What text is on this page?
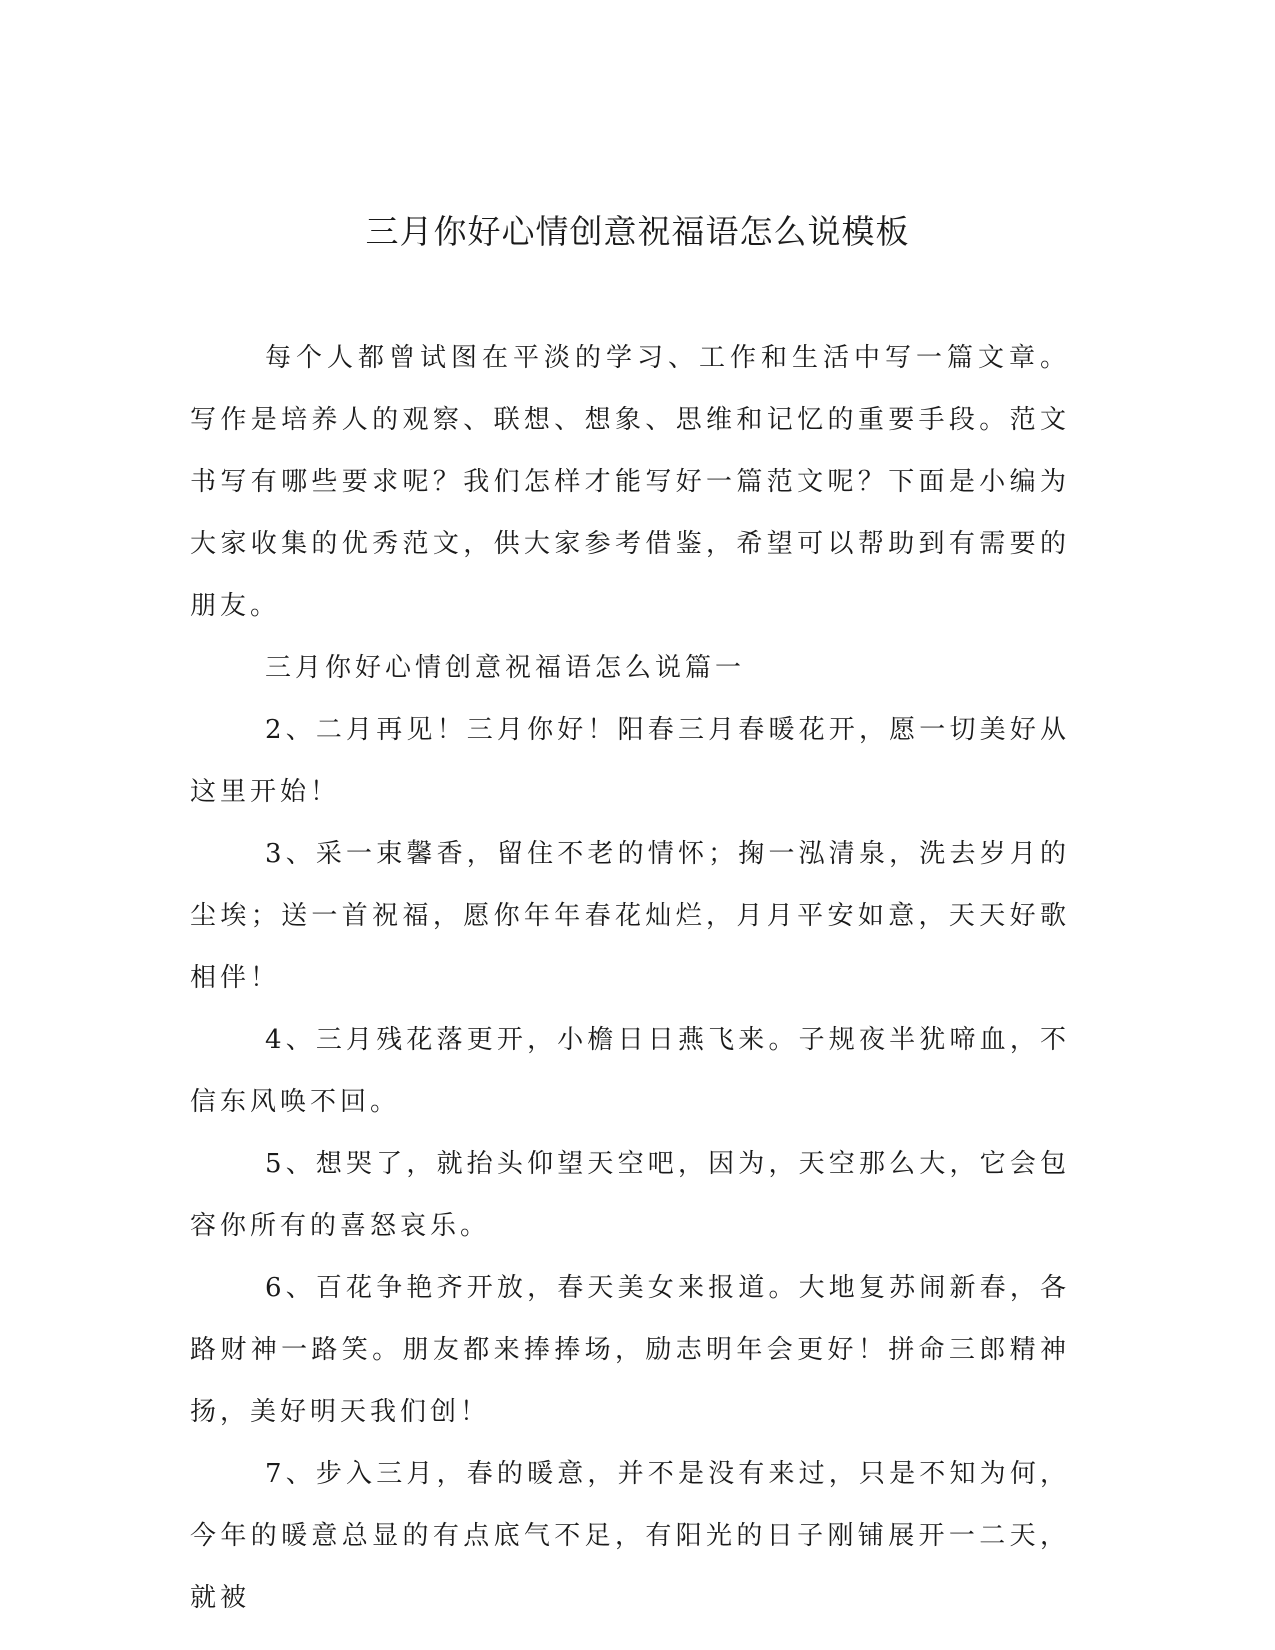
三月你好心情创意祝福语怎么说模板

每个人都曾试图在平淡的学习、工作和生活中写一篇文章。写作是培养人的观察、联想、想象、思维和记忆的重要手段。范文书写有哪些要求呢？我们怎样才能写好一篇范文呢？下面是小编为大家收集的优秀范文，供大家参考借鉴，希望可以帮助到有需要的朋友。

三月你好心情创意祝福语怎么说篇一

2、二月再见！三月你好！阳春三月春暖花开，愿一切美好从这里开始！

3、采一束馨香，留住不老的情怀；掬一泓清泉，洗去岁月的尘埃；送一首祝福，愿你年年春花灿烂，月月平安如意，天天好歌相伴！

4、三月残花落更开，小檐日日燕飞来。子规夜半犹啼血，不信东风唤不回。

5、想哭了，就抬头仰望天空吧，因为，天空那么大，它会包容你所有的喜怒哀乐。

6、百花争艳齐开放，春天美女来报道。大地复苏闹新春，各路财神一路笑。朋友都来捧捧场，励志明年会更好！拼命三郎精神扬，美好明天我们创！

7、步入三月，春的暖意，并不是没有来过，只是不知为何，今年的暖意总显的有点底气不足，有阳光的日子刚铺展开一二天，就被
